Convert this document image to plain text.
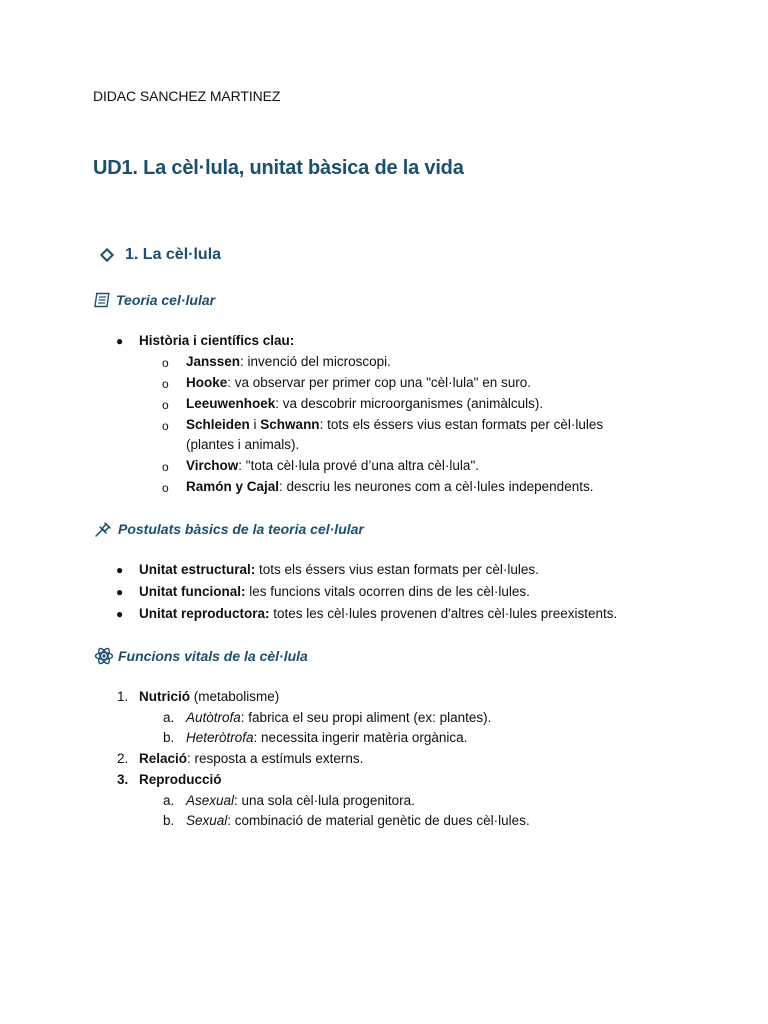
DIDAC SANCHEZ MARTINEZ
UD1. La cèl·lula, unitat bàsica de la vida
1. La cèl·lula
Teoria cel·lular
● Història i científics clau:
o Janssen: invenció del microscopi.
o Hooke: va observar per primer cop una "cèl·lula" en suro.
o Leeuwenhoek: va descobrir microorganismes (animàlculs).
o Schleiden i Schwann: tots els éssers vius estan formats per cèl·lules
(plantes i animals).
o Virchow: "tota cèl·lula prové d’una altra cèl·lula".
o Ramón y Cajal: descriu les neurones com a cèl·lules independents.
Postulats bàsics de la teoria cel·lular
● Unitat estructural: tots els éssers vius estan formats per cèl·lules.
● Unitat funcional: les funcions vitals ocorren dins de les cèl·lules.
● Unitat reproductora: totes les cèl·lules provenen d'altres cèl·lules preexistents.
Funcions vitals de la cèl·lula
1. Nutrició (metabolisme)
a. Autòtrofa: fabrica el seu propi aliment (ex: plantes).
b. Heteròtrofa: necessita ingerir matèria orgànica.
2. Relació: resposta a estímuls externs.
3. Reproducció
a. Asexual: una sola cèl·lula progenitora.
b. Sexual: combinació de material genètic de dues cèl·lules.
